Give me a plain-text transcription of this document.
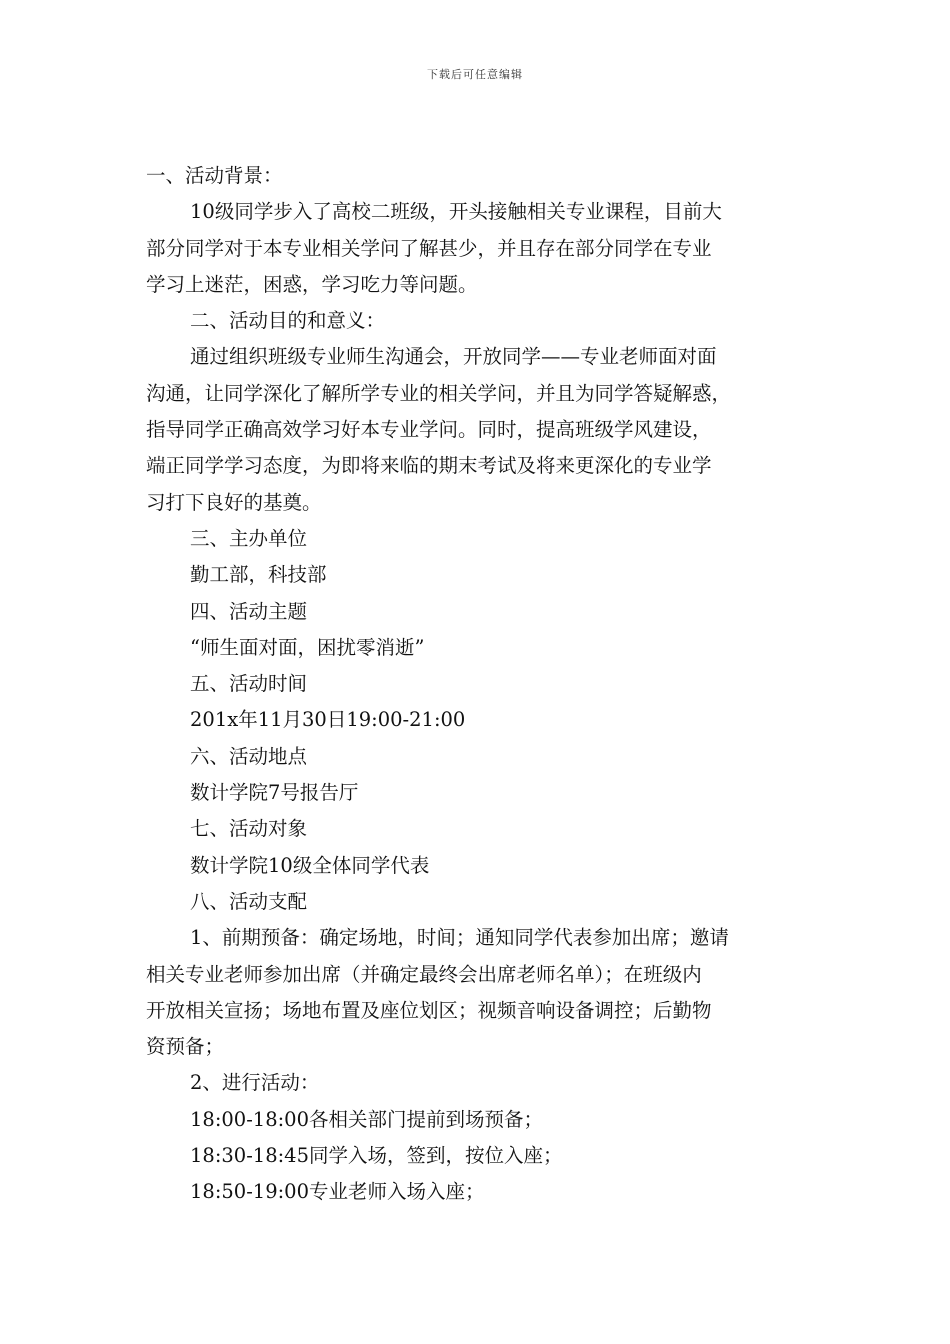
下载后可任意编辑
一、活动背景：
10级同学步入了高校二班级，开头接触相关专业课程，目前大
部分同学对于本专业相关学问了解甚少，并且存在部分同学在专业
学习上迷茫，困惑，学习吃力等问题。
二、活动目的和意义：
通过组织班级专业师生沟通会，开放同学——专业老师面对面
沟通，让同学深化了解所学专业的相关学问，并且为同学答疑解惑，
指导同学正确高效学习好本专业学问。同时，提高班级学风建设，
端正同学学习态度，为即将来临的期末考试及将来更深化的专业学
习打下良好的基奠。
三、主办单位
勤工部，科技部
四、活动主题
“师生面对面，困扰零消逝”
五、活动时间
201x年11月30日19:00-21:00
六、活动地点
数计学院7号报告厅
七、活动对象
数计学院10级全体同学代表
八、活动支配
1、前期预备：确定场地，时间；通知同学代表参加出席；邀请
相关专业老师参加出席（并确定最终会出席老师名单）；在班级内
开放相关宣扬；场地布置及座位划区；视频音响设备调控；后勤物
资预备；
2、进行活动：
18:00-18:00各相关部门提前到场预备；
18:30-18:45同学入场，签到，按位入座；
18:50-19:00专业老师入场入座；
